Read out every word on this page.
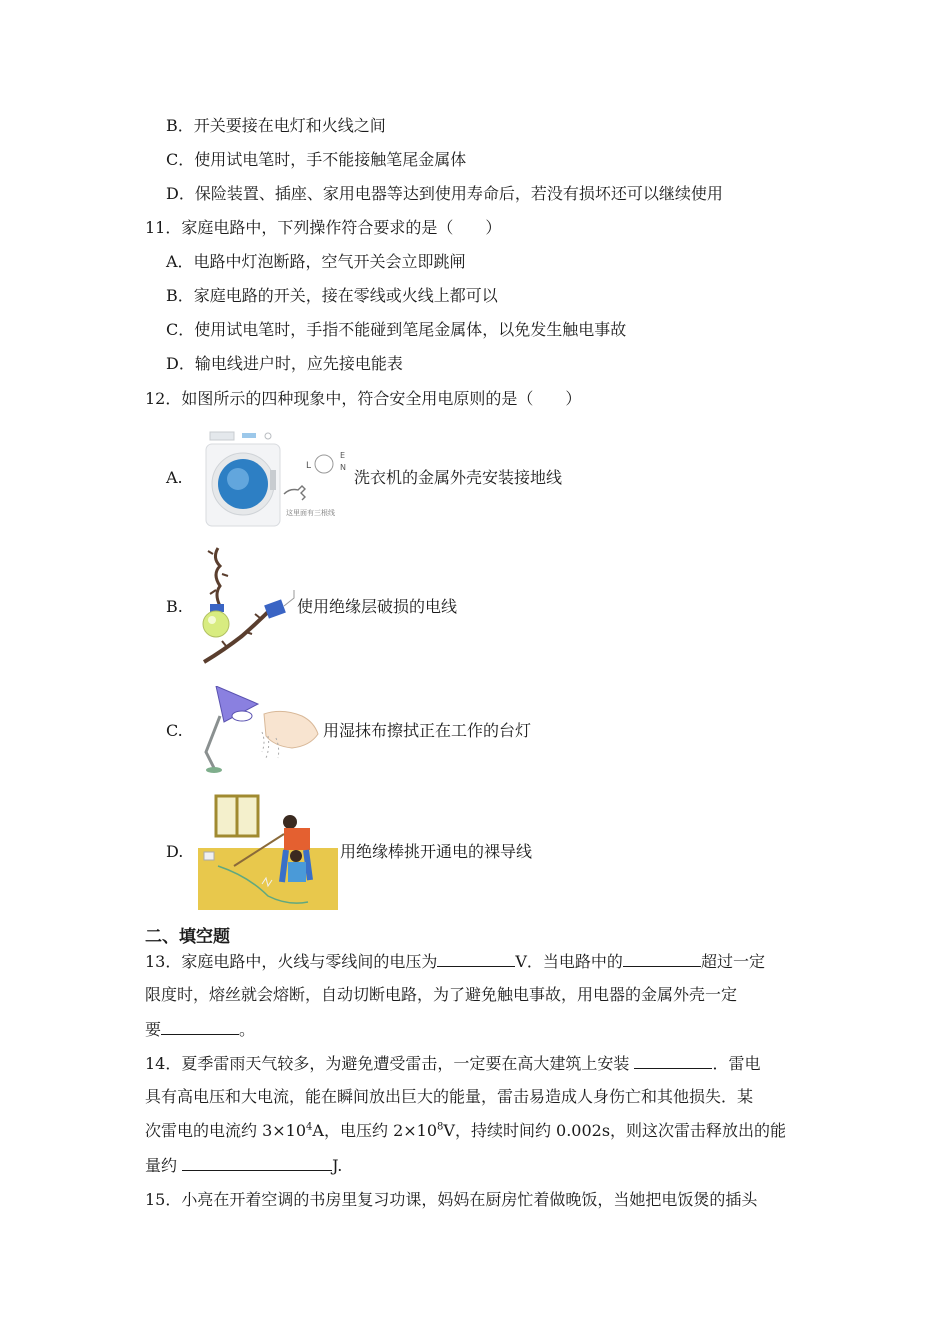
B．开关要接在电灯和火线之间
C．使用试电笔时，手不能接触笔尾金属体
D．保险装置、插座、家用电器等达到使用寿命后，若没有损坏还可以继续使用
11．家庭电路中，下列操作符合要求的是（　　）
A．电路中灯泡断路，空气开关会立即跳闸
B．家庭电路的开关，接在零线或火线上都可以
C．使用试电笔时，手指不能碰到笔尾金属体，以免发生触电事故
D．输电线进户时，应先接电能表
12．如图所示的四种现象中，符合安全用电原则的是（　　）
A.
L
E
N
这里面有三根线
洗衣机的金属外壳安装接地线
B.	使用绝缘层破损的电线
C.	用湿抹布擦拭正在工作的台灯
D.	用绝缘棒挑开通电的裸导线
二、填空题
13．家庭电路中，火线与零线间的电压为	V．当电路中的	超过一定
限度时，熔丝就会熔断，自动切断电路，为了避免触电事故，用电器的金属外壳一定
要	。
14．夏季雷雨天气较多，为避免遭受雷击，一定要在高大建筑上安装	．雷电
具有高电压和大电流，能在瞬间放出巨大的能量，雷击易造成人身伤亡和其他损失．某
次雷电的电流约 $3\times 10^4A$，电压约 $2\times 10^8V$，持续时间约 0.002s，则这次雷击释放出的能
量约	J.
15．小亮在开着空调的书房里复习功课，妈妈在厨房忙着做晚饭，当她把电饭煲的插头
